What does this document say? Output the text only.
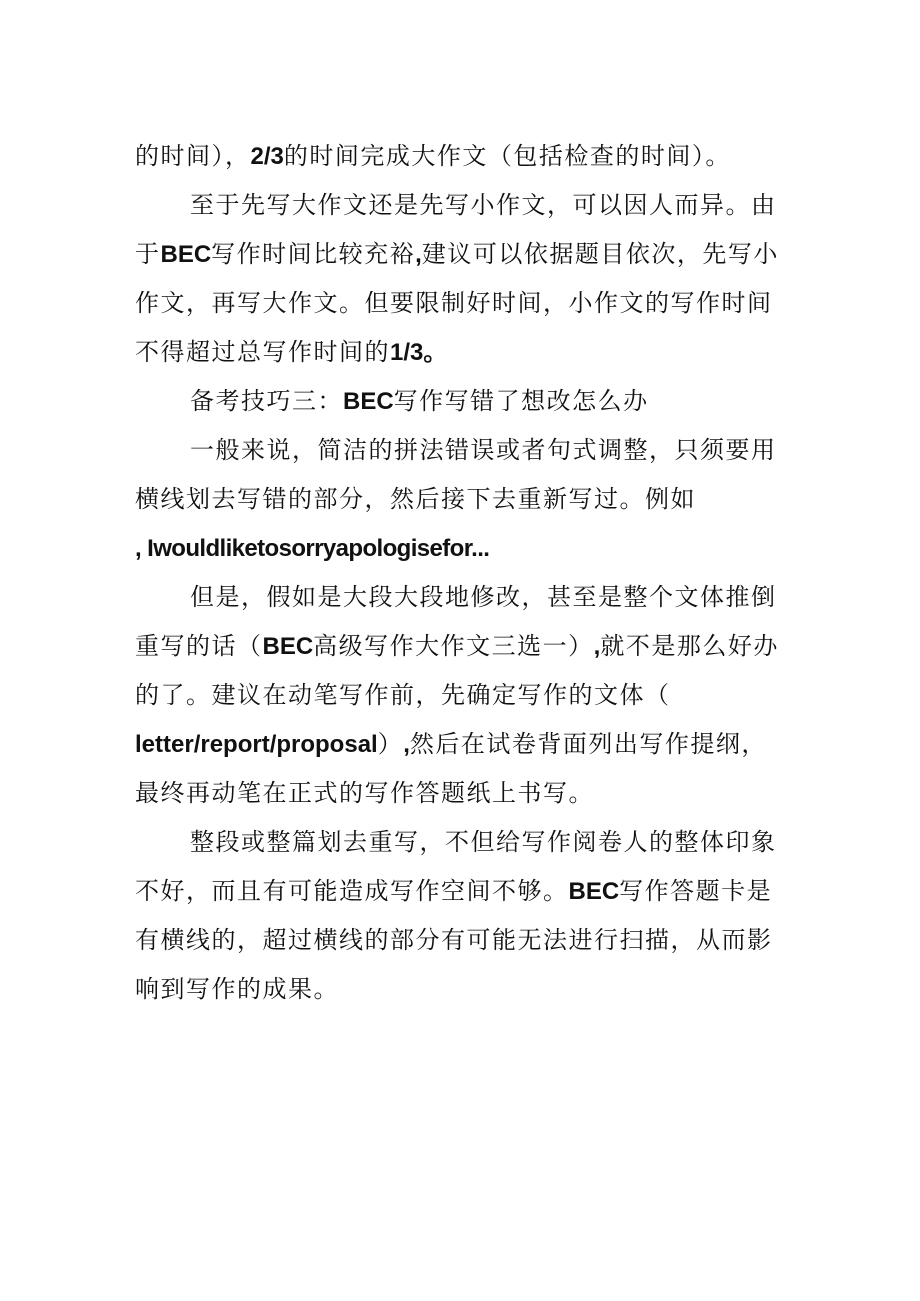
的时间），2/3的时间完成大作文（包括检查的时间）。
至于先写大作文还是先写小作文，可以因人而异。由
于BEC写作时间比较充裕,建议可以依据题目依次，先写小
作文，再写大作文。但要限制好时间，小作文的写作时间
不得超过总写作时间的1/3。
备考技巧三：BEC写作写错了想改怎么办
一般来说，简洁的拼法错误或者句式调整，只须要用
横线划去写错的部分，然后接下去重新写过。例如
, Iwouldliketosorryapologisefor...
但是，假如是大段大段地修改，甚至是整个文体推倒
重写的话（BEC高级写作大作文三选一）,就不是那么好办
的了。建议在动笔写作前，先确定写作的文体（
letter/report/proposal）,然后在试卷背面列出写作提纲，
最终再动笔在正式的写作答题纸上书写。
整段或整篇划去重写，不但给写作阅卷人的整体印象
不好，而且有可能造成写作空间不够。BEC写作答题卡是
有横线的，超过横线的部分有可能无法进行扫描，从而影
响到写作的成果。
